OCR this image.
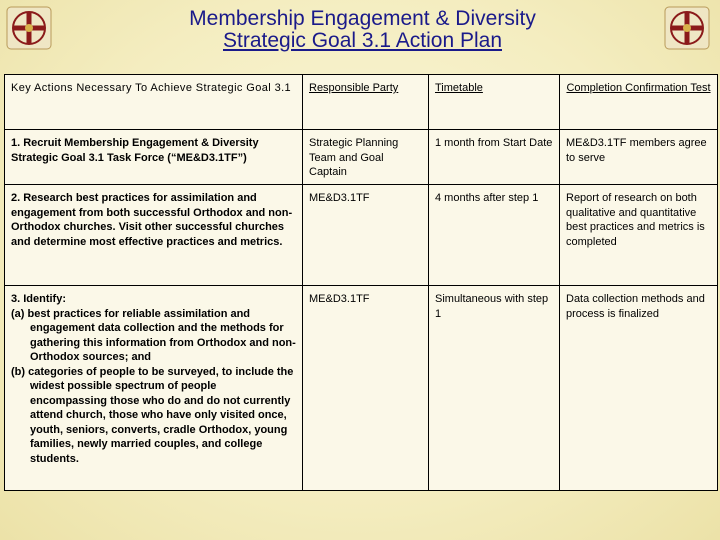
Membership Engagement & Diversity
Strategic Goal 3.1 Action Plan
Key Actions Necessary To Achieve Strategic Goal 3.1	Responsible Party	Timetable	Completion Confirmation Test
1. Recruit Membership Engagement & Diversity Strategic Goal 3.1 Task Force (“ME&D3.1TF”)	Strategic Planning Team and Goal Captain	1 month from Start Date	ME&D3.1TF members agree to serve
2. Research best practices for assimilation and engagement from both successful Orthodox and non-Orthodox churches. Visit other successful churches and determine most effective practices and metrics.	ME&D3.1TF	4 months after step 1	Report of research on both qualitative and quantitative best practices and metrics is completed

3. Identify:
(a) best practices for reliable assimilation and engagement data collection and the methods for gathering this information from Orthodox and non-Orthodox sources; and
(b) categories of people to be surveyed, to include the widest possible spectrum of people encompassing those who do and do not currently attend church, those who have only visited once, youth, seniors, converts, cradle Orthodox, young families, newly married couples, and college students.	ME&D3.1TF	Simultaneous with step 1	Data collection methods and process is finalized
